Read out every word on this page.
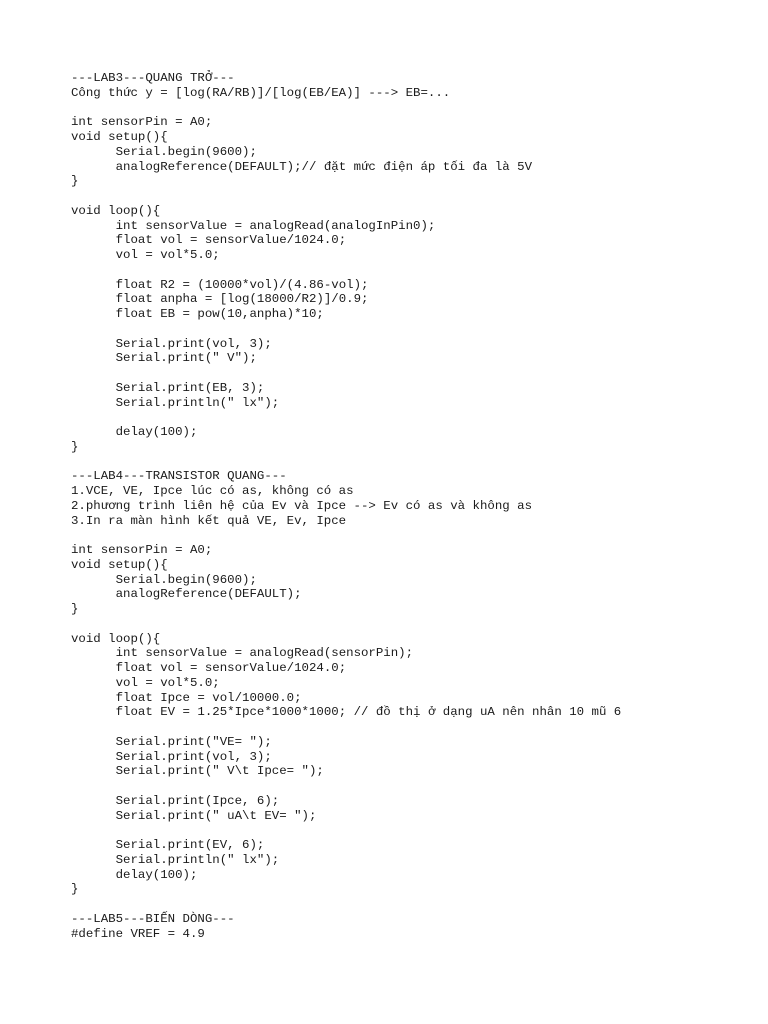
---LAB3---QUANG TRỞ---
Công thức y = [log(RA/RB)]/[log(EB/EA)] ---> EB=...
int sensorPin = A0;
void setup(){
	Serial.begin(9600);
	analogReference(DEFAULT);// đặt mức điện áp tối đa là 5V
}
void loop(){
	int sensorValue = analogRead(analogInPin0);
	float vol = sensorValue/1024.0;
	vol = vol*5.0;
	float R2 = (10000*vol)/(4.86-vol);
	float anpha = [log(18000/R2)]/0.9;
	float EB = pow(10,anpha)*10;
	Serial.print(vol, 3);
	Serial.print(" V");
	Serial.print(EB, 3);
	Serial.println(" lx");
	delay(100);
}
---LAB4---TRANSISTOR QUANG---
1.VCE, VE, Ipce lúc có as, không có as
2.phương trình liên hệ của Ev và Ipce --> Ev có as và không as
3.In ra màn hình kết quả VE, Ev, Ipce
int sensorPin = A0;
void setup(){
	Serial.begin(9600);
	analogReference(DEFAULT);
}
void loop(){
	int sensorValue = analogRead(sensorPin);
	float vol = sensorValue/1024.0;
	vol = vol*5.0;
	float Ipce = vol/10000.0;
	float EV = 1.25*Ipce*1000*1000; // đồ thị ở dạng uA nên nhân 10 mũ 6
	Serial.print("VE= ");
	Serial.print(vol, 3);
	Serial.print(" V\t Ipce= ");
	Serial.print(Ipce, 6);
	Serial.print(" uA\t EV= ");
	Serial.print(EV, 6);
	Serial.println(" lx");
	delay(100);
}
---LAB5---BIẾN DÒNG---
#define VREF = 4.9
